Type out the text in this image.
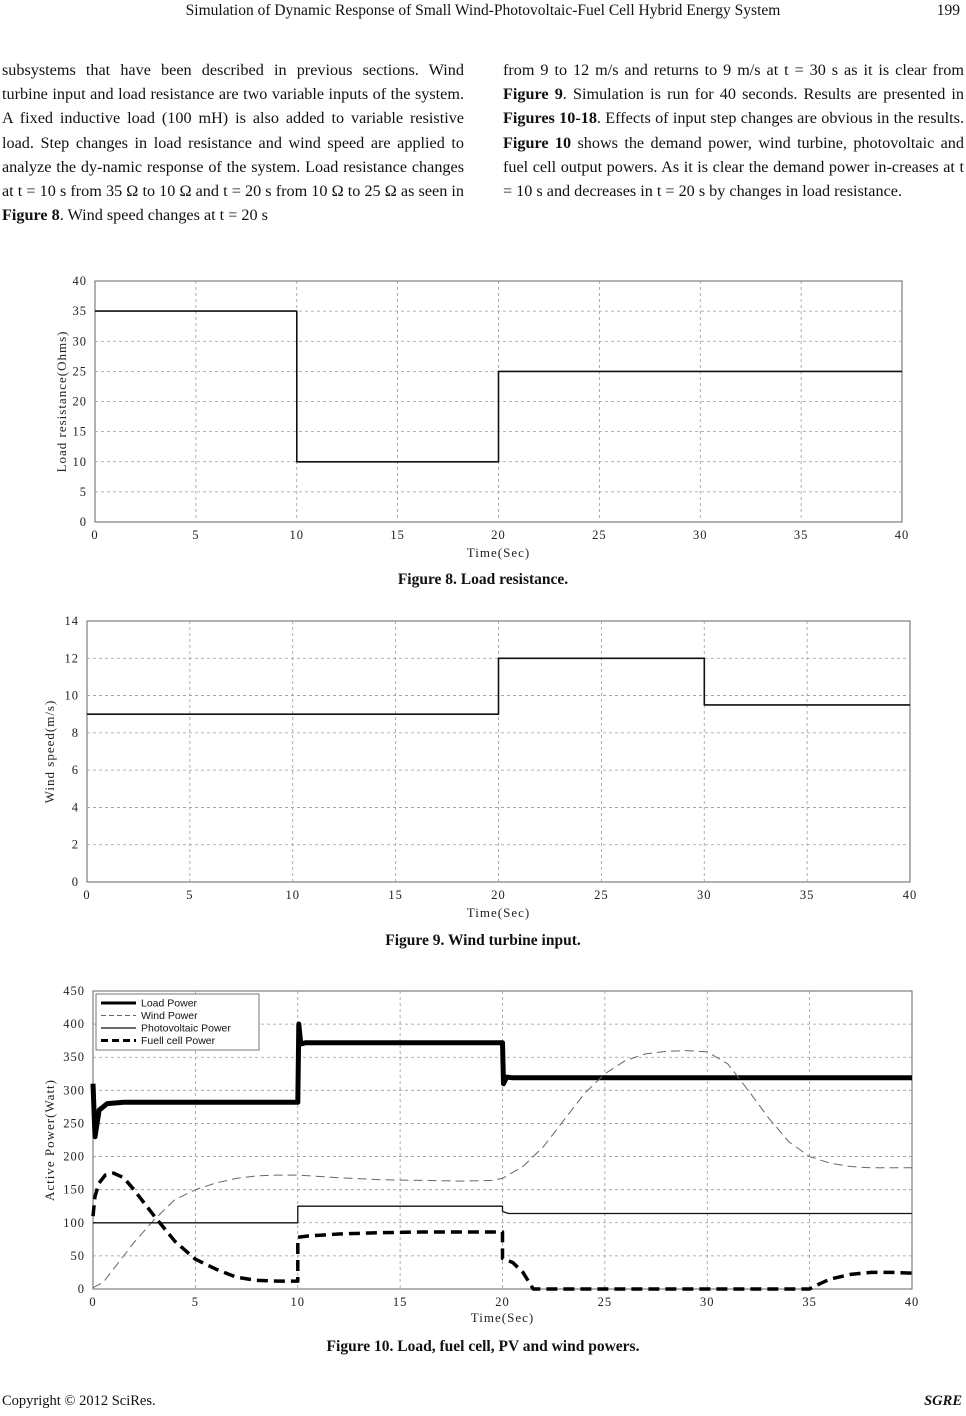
Simulation of Dynamic Response of Small Wind-Photovoltaic-Fuel Cell Hybrid Energy System	199

subsystems that have been described in previous sections. Wind turbine input and load resistance are two variable inputs of the system. A fixed inductive load (100 mH) is also added to variable resistive load. Step changes in load resistance and wind speed are applied to analyze the dy-namic response of the system. Load resistance changes at t = 10 s from 35 Ω to 10 Ω and t = 20 s from 10 Ω to 25 Ω as seen in Figure 8. Wind speed changes at t = 20 s

from 9 to 12 m/s and returns to 9 m/s at t = 30 s as it is clear from Figure 9. Simulation is run for 40 seconds. Results are presented in Figures 10-18. Effects of input step changes are obvious in the results. Figure 10 shows the demand power, wind turbine, photovoltaic and fuel cell output powers. As it is clear the demand power in-creases at t = 10 s and decreases in t = 20 s by changes in load resistance.

0	5	10	15	20	25	30	35	40
0
5
10
15
20
25
30
35
40
Time(Sec)
Load resistance(Ohms)
Figure 8. Load resistance.
0	5	10	15	20	25	30	35	40
0
2
4
6
8
10
12
14
Time(Sec)
Wind speed(m/s)
Figure 9. Wind turbine input.
0	5	10	15	20	25	30	35	40
0
50
100
150
200
250
300
350
400
450
Time(Sec)
Active Power(Watt)
Load Power
Wind Power
Photovoltaic Power
Fuell cell Power
Figure 10. Load, fuel cell, PV and wind powers.
Copyright © 2012 SciRes.	SGRE
